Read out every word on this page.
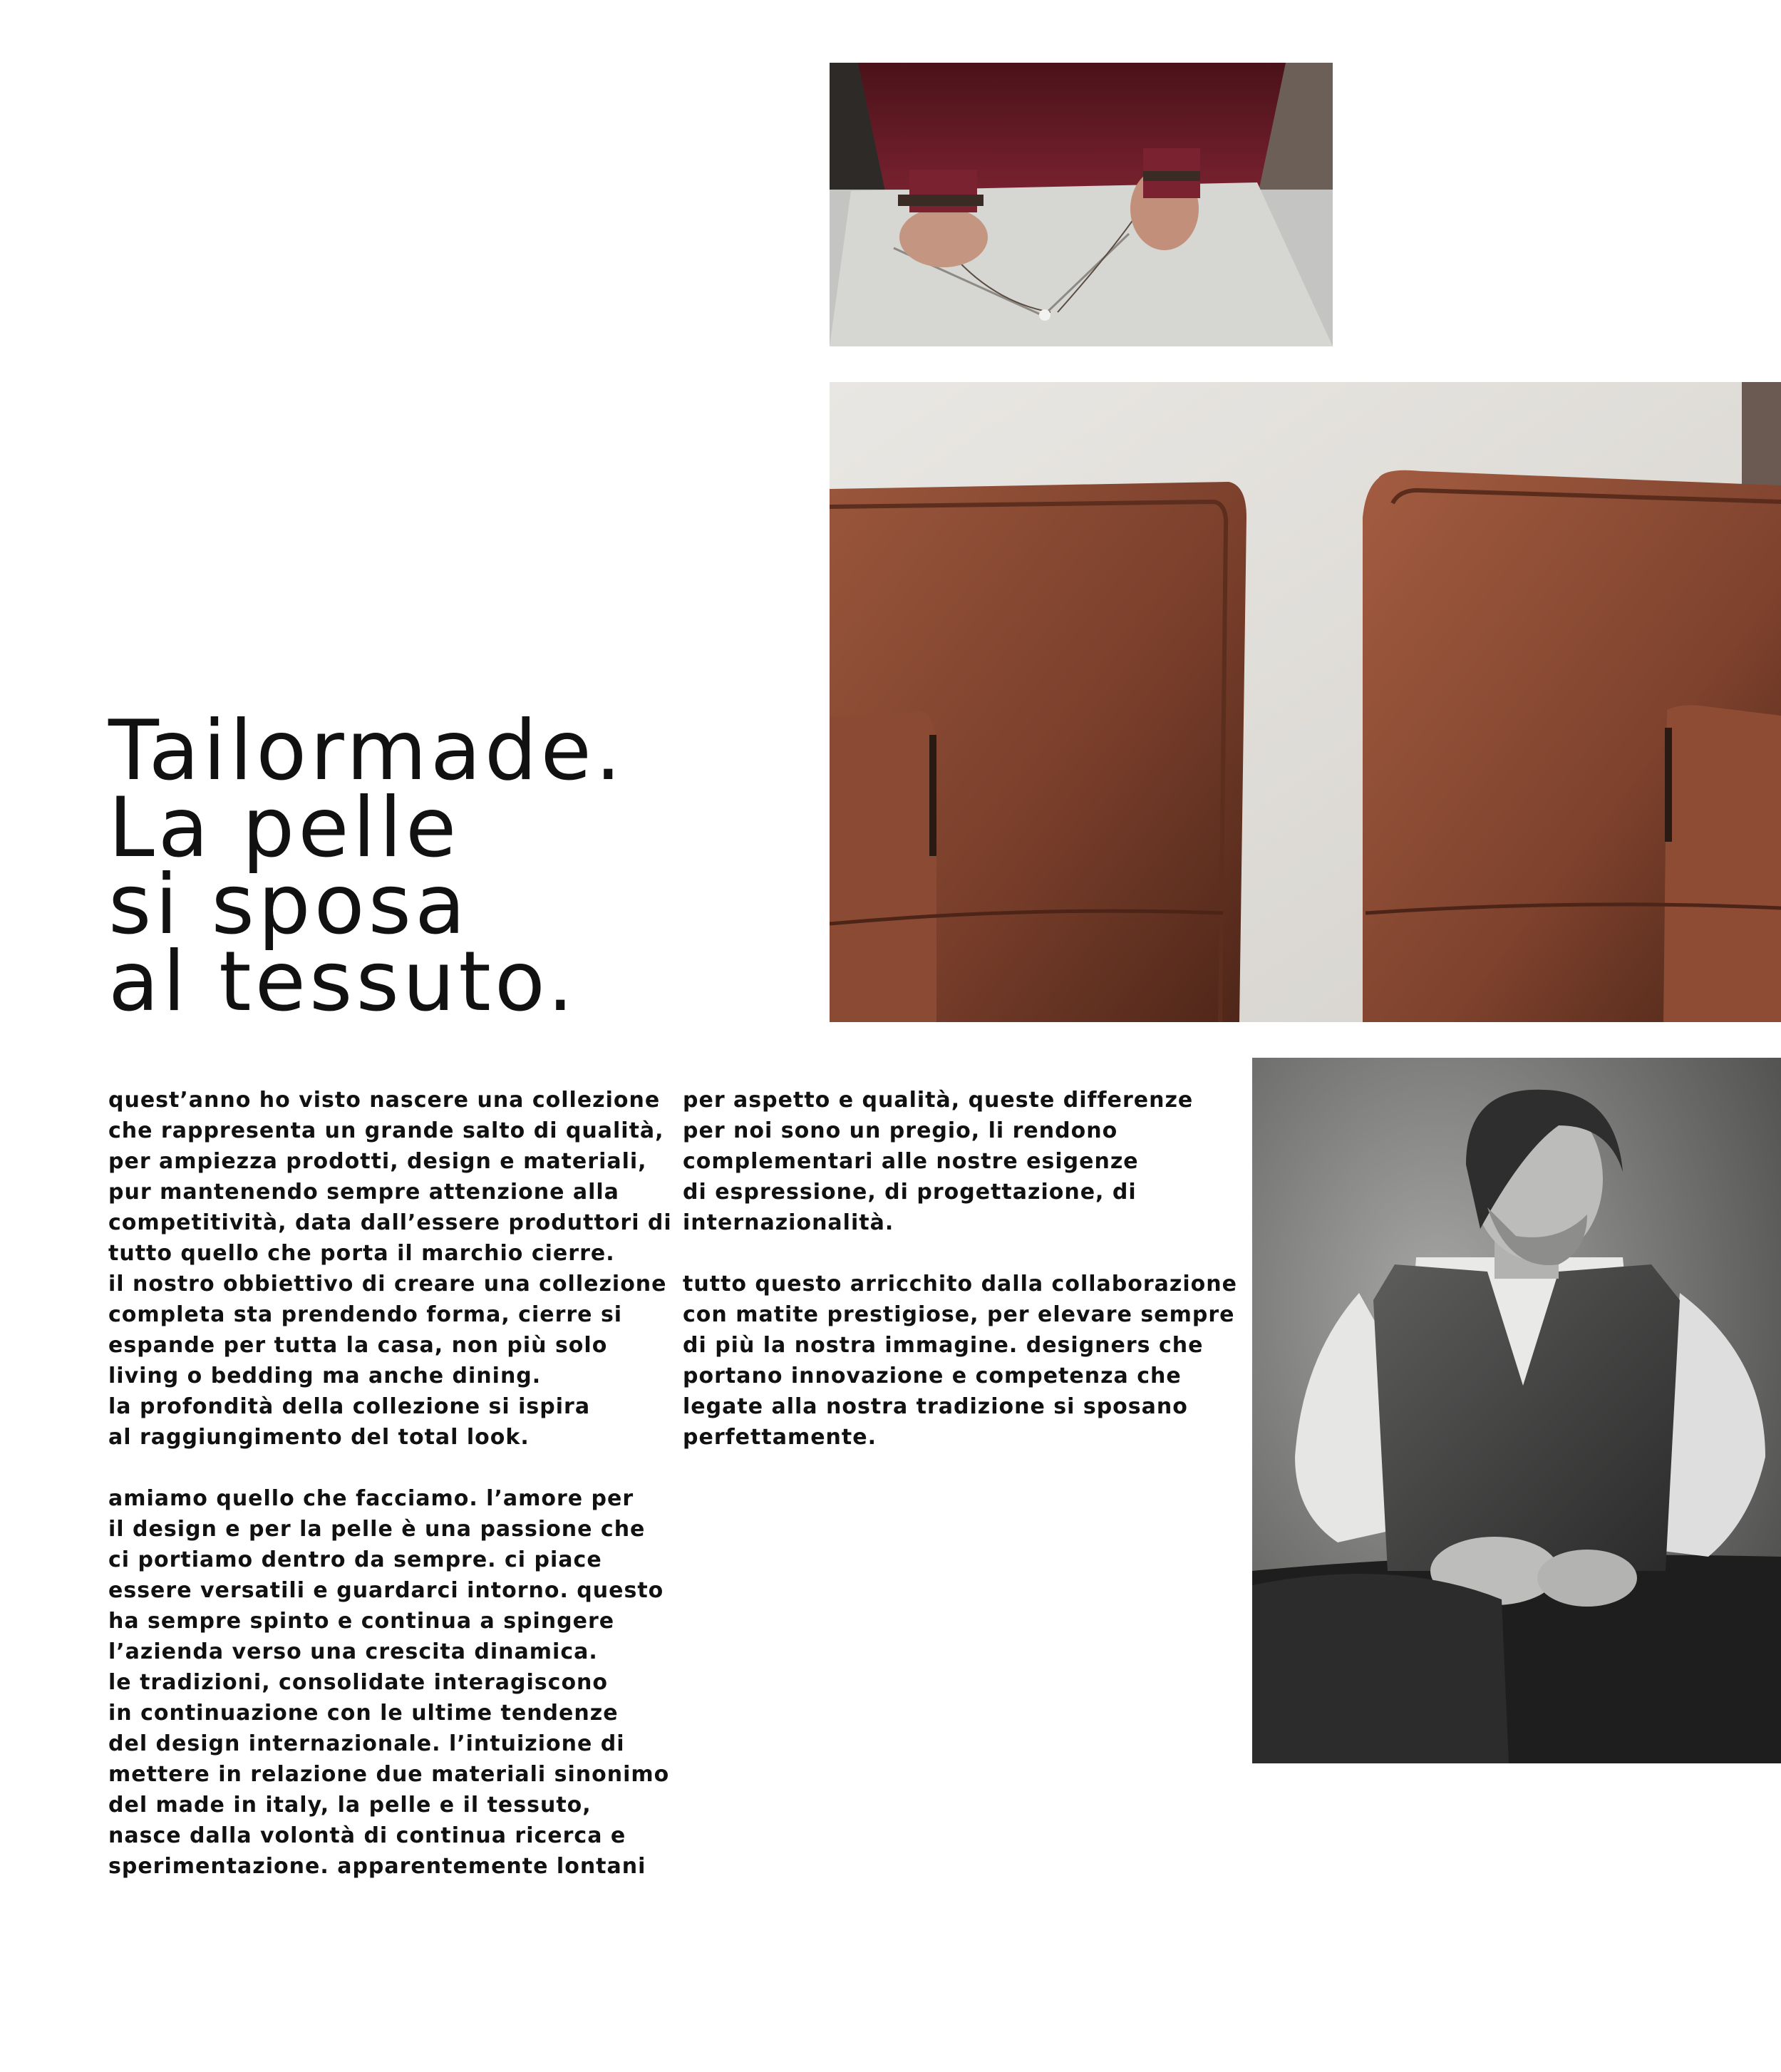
Tailormade.
La pelle
si sposa
al tessuto.

quest’anno ho visto nascere una collezione
che rappresenta un grande salto di qualità,
per ampiezza prodotti, design e materiali,
pur mantenendo sempre attenzione alla
competitività, data dall’essere produttori di
tutto quello che porta il marchio cierre.
il nostro obbiettivo di creare una collezione
completa sta prendendo forma, cierre si
espande per tutta la casa, non più solo
living o bedding ma anche dining.
la profondità della collezione si ispira
al raggiungimento del total look.

amiamo quello che facciamo. l’amore per
il design e per la pelle è una passione che
ci portiamo dentro da sempre. ci piace
essere versatili e guardarci intorno. questo
ha sempre spinto e continua a spingere
l’azienda verso una crescita dinamica.
le tradizioni, consolidate interagiscono
in continuazione con le ultime tendenze
del design internazionale. l’intuizione di
mettere in relazione due materiali sinonimo
del made in italy, la pelle e il tessuto,
nasce dalla volontà di continua ricerca e
sperimentazione. apparentemente lontani

per aspetto e qualità, queste differenze
per noi sono un pregio, li rendono
complementari alle nostre esigenze
di espressione, di progettazione, di
internazionalità.

tutto questo arricchito dalla collaborazione
con matite prestigiose, per elevare sempre
di più la nostra immagine. designers che
portano innovazione e competenza che
legate alla nostra tradizione si sposano
perfettamente.
